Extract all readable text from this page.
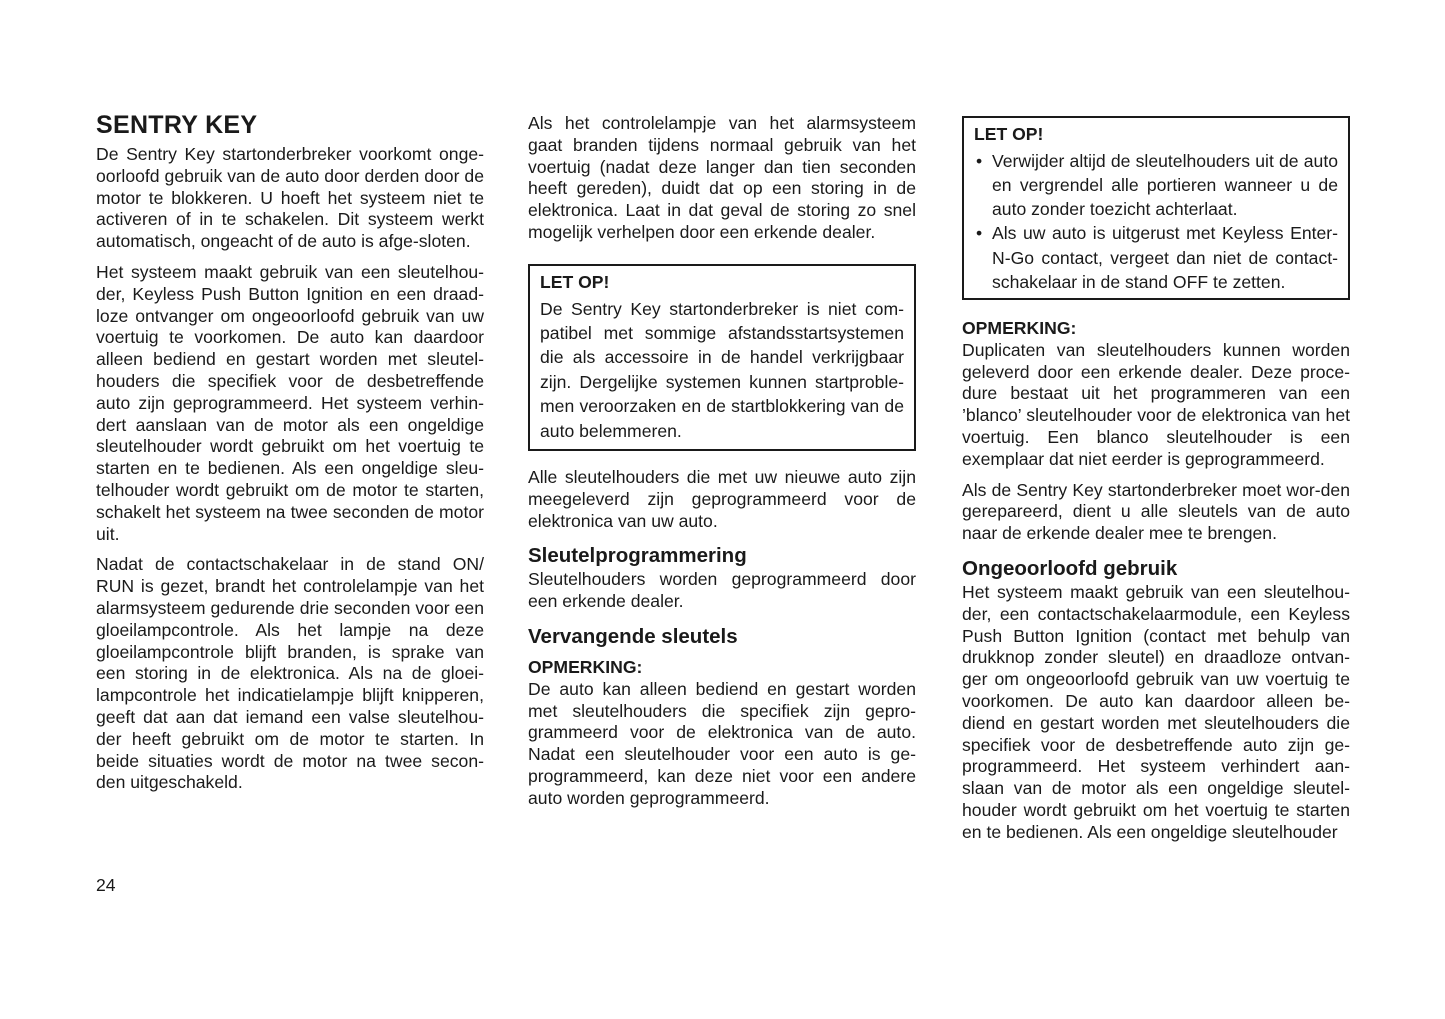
SENTRY KEY

De Sentry Key startonderbreker voorkomt onge-oorloofd gebruik van de auto door derden door de motor te blokkeren. U hoeft het systeem niet te activeren of in te schakelen. Dit systeem werkt automatisch, ongeacht of de auto is afge-sloten.

Het systeem maakt gebruik van een sleutelhou-der, Keyless Push Button Ignition en een draad-loze ontvanger om ongeoorloofd gebruik van uw voertuig te voorkomen. De auto kan daardoor alleen bediend en gestart worden met sleutel-houders die specifiek voor de desbetreffende auto zijn geprogrammeerd. Het systeem verhin-dert aanslaan van de motor als een ongeldige sleutelhouder wordt gebruikt om het voertuig te starten en te bedienen. Als een ongeldige sleu-telhouder wordt gebruikt om de motor te starten, schakelt het systeem na twee seconden de motor uit.

Nadat de contactschakelaar in de stand ON/ RUN is gezet, brandt het controlelampje van het alarmsysteem gedurende drie seconden voor een gloeilampcontrole. Als het lampje na deze gloeilampcontrole blijft branden, is sprake van een storing in de elektronica. Als na de gloei-lampcontrole het indicatielampje blijft knipperen, geeft dat aan dat iemand een valse sleutelhou-der heeft gebruikt om de motor te starten. In beide situaties wordt de motor na twee secon-den uitgeschakeld.

Als het controlelampje van het alarmsysteem gaat branden tijdens normaal gebruik van het voertuig (nadat deze langer dan tien seconden heeft gereden), duidt dat op een storing in de elektronica. Laat in dat geval de storing zo snel mogelijk verhelpen door een erkende dealer.

LET OP!

De Sentry Key startonderbreker is niet com-patibel met sommige afstandsstartsystemen die als accessoire in de handel verkrijgbaar zijn. Dergelijke systemen kunnen startproble-men veroorzaken en de startblokkering van de auto belemmeren.

Alle sleutelhouders die met uw nieuwe auto zijn meegeleverd zijn geprogrammeerd voor de elektronica van uw auto.

Sleutelprogrammering

Sleutelhouders worden geprogrammeerd door een erkende dealer.

Vervangende sleutels
OPMERKING:

De auto kan alleen bediend en gestart worden met sleutelhouders die specifiek zijn gepro-grammeerd voor de elektronica van de auto. Nadat een sleutelhouder voor een auto is ge-programmeerd, kan deze niet voor een andere auto worden geprogrammeerd.

LET OP!
• Verwijder altijd de sleutelhouders uit de auto en vergrendel alle portieren wanneer u de auto zonder toezicht achterlaat.
• Als uw auto is uitgerust met Keyless Enter-N-Go contact, vergeet dan niet de contact-schakelaar in de stand OFF te zetten.
OPMERKING:

Duplicaten van sleutelhouders kunnen worden geleverd door een erkende dealer. Deze proce-dure bestaat uit het programmeren van een ’blanco’ sleutelhouder voor de elektronica van het voertuig. Een blanco sleutelhouder is een exemplaar dat niet eerder is geprogrammeerd.

Als de Sentry Key startonderbreker moet wor-den gerepareerd, dient u alle sleutels van de auto naar de erkende dealer mee te brengen.

Ongeoorloofd gebruik

Het systeem maakt gebruik van een sleutelhou-der, een contactschakelaarmodule, een Keyless Push Button Ignition (contact met behulp van drukknop zonder sleutel) en draadloze ontvan-ger om ongeoorloofd gebruik van uw voertuig te voorkomen. De auto kan daardoor alleen be-diend en gestart worden met sleutelhouders die specifiek voor de desbetreffende auto zijn ge-programmeerd. Het systeem verhindert aan-slaan van de motor als een ongeldige sleutel-houder wordt gebruikt om het voertuig te starten en te bedienen. Als een ongeldige sleutelhouder

24
